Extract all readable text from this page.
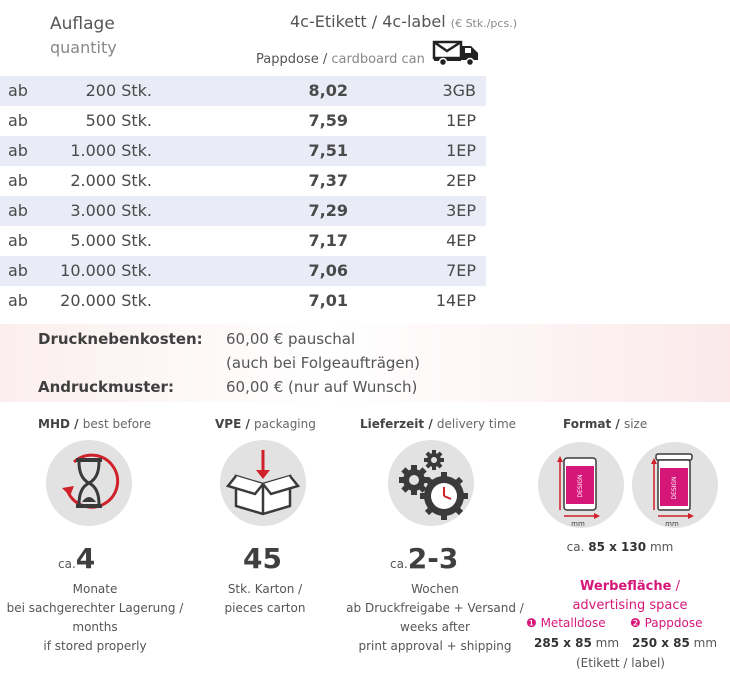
Auflage
quantity
4c-Etikett / 4c-label (€ Stk./pcs.)
Pappdose / cardboard can
ab	200 Stk.	8,02	3GB
ab	500 Stk.	7,59	1EP
ab	1.000 Stk.	7,51	1EP
ab	2.000 Stk.	7,37	2EP
ab	3.000 Stk.	7,29	3EP
ab	5.000 Stk.	7,17	4EP
ab	10.000 Stk.	7,06	7EP
ab	20.000 Stk.	7,01	14EP
Drucknebenkosten: 60,00 € pauschal
(auch bei Folgeaufträgen)
Andruckmuster:	60,00 € (nur auf Wunsch)
MHD / best before
ca.4
Monate
bei sachgerechter Lagerung /
months
if stored properly
VPE / packaging
45
Stk. Karton /
pieces carton
Lieferzeit / delivery time
ca.2-3
Wochen
ab Druckfreigabe + Versand /
weeks after
print approval + shipping
Format / size
DESIGN
mm
DESIGN
mm
ca. 85 x 130 mm
Werbefläche /
advertising space
❶ Metalldose ❷ Pappdose
285 x 85 mm 250 x 85 mm
(Etikett / label)
